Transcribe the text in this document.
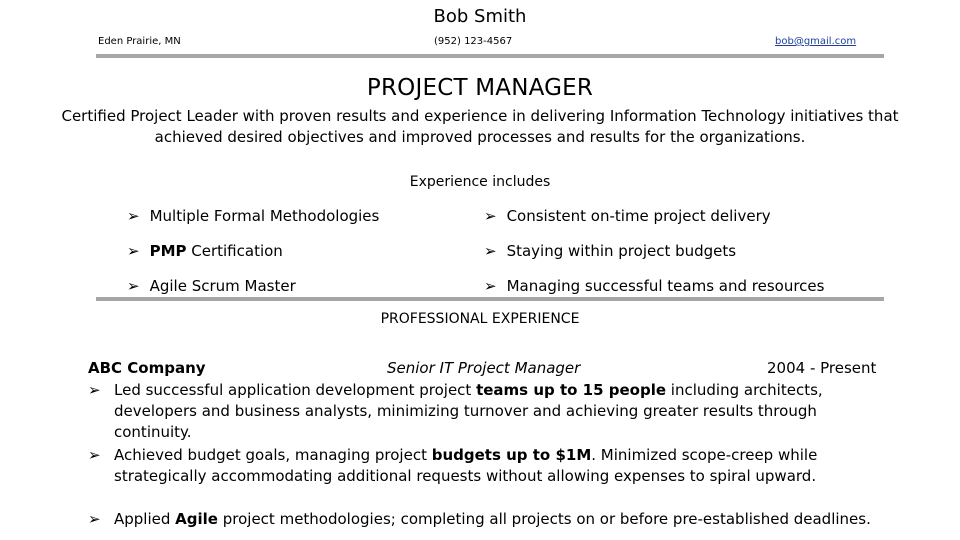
Bob Smith
Eden Prairie, MN	(952) 123-4567	bob@gmail.com
PROJECT MANAGER
Certified Project Leader with proven results and experience in delivering Information Technology initiatives that achieved desired objectives and improved processes and results for the organizations.
Experience includes
➢ Multiple Formal Methodologies
➢ PMP Certification
➢ Agile Scrum Master
➢ Consistent on-time project delivery
➢ Staying within project budgets
➢ Managing successful teams and resources
PROFESSIONAL EXPERIENCE
ABC Company	Senior IT Project Manager	2004 - Present
➢ Led successful application development project teams up to 15 people including architects, developers and business analysts, minimizing turnover and achieving greater results through continuity.
➢ Achieved budget goals, managing project budgets up to $1M. Minimized scope-creep while strategically accommodating additional requests without allowing expenses to spiral upward.
➢ Applied Agile project methodologies; completing all projects on or before pre-established deadlines.
